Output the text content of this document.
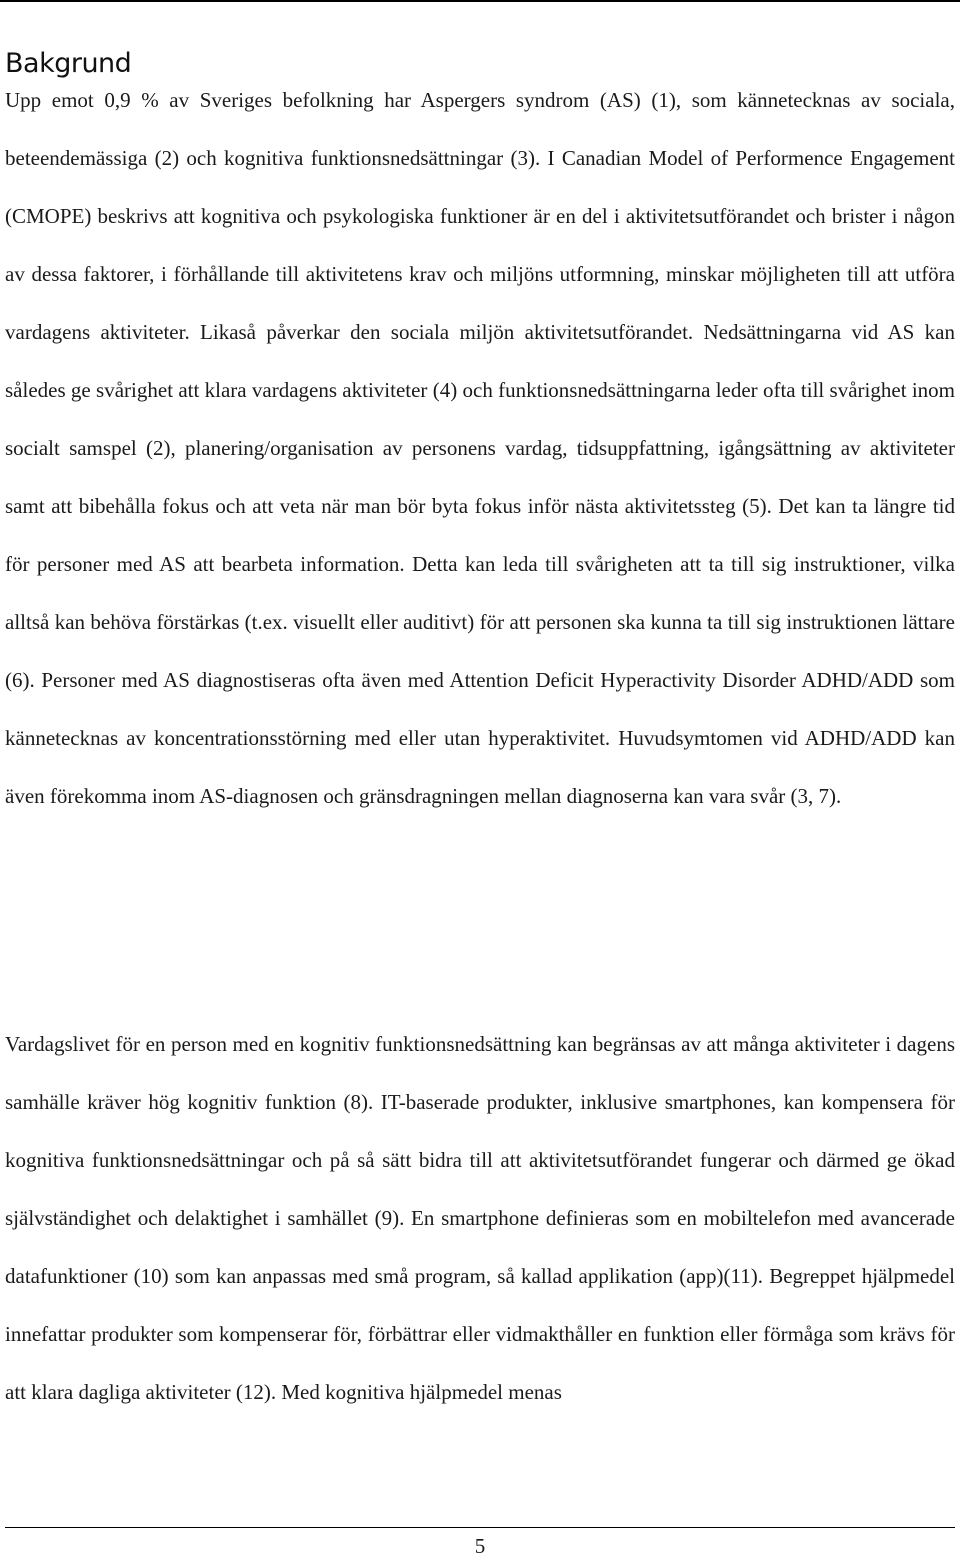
Bakgrund

Upp emot 0,9 % av Sveriges befolkning har Aspergers syndrom (AS) (1), som kännetecknas av sociala, beteendemässiga (2) och kognitiva funktionsnedsättningar (3). I Canadian Model of Performence Engagement (CMOPE) beskrivs att kognitiva och psykologiska funktioner är en del i aktivitetsutförandet och brister i någon av dessa faktorer, i förhållande till aktivitetens krav och miljöns utformning, minskar möjligheten till att utföra vardagens aktiviteter. Likaså påverkar den sociala miljön aktivitetsutförandet. Nedsättningarna vid AS kan således ge svårighet att klara vardagens aktiviteter (4) och funktionsnedsättningarna leder ofta till svårighet inom socialt samspel (2), planering/organisation av personens vardag, tidsuppfattning, igångsättning av aktiviteter samt att bibehålla fokus och att veta när man bör byta fokus inför nästa aktivitetssteg (5). Det kan ta längre tid för personer med AS att bearbeta information. Detta kan leda till svårigheten att ta till sig instruktioner, vilka alltså kan behöva förstärkas (t.ex. visuellt eller auditivt) för att personen ska kunna ta till sig instruktionen lättare (6). Personer med AS diagnostiseras ofta även med Attention Deficit Hyperactivity Disorder ADHD/ADD som kännetecknas av koncentrationsstörning med eller utan hyperaktivitet. Huvudsymtomen vid ADHD/ADD kan även förekomma inom AS-diagnosen och gränsdragningen mellan diagnoserna kan vara svår (3, 7).

Vardagslivet för en person med en kognitiv funktionsnedsättning kan begränsas av att många aktiviteter i dagens samhälle kräver hög kognitiv funktion (8). IT-baserade produkter, inklusive smartphones, kan kompensera för kognitiva funktionsnedsättningar och på så sätt bidra till att aktivitetsutförandet fungerar och därmed ge ökad självständighet och delaktighet i samhället (9). En smartphone definieras som en mobiltelefon med avancerade datafunktioner (10) som kan anpassas med små program, så kallad applikation (app)(11). Begreppet hjälpmedel innefattar produkter som kompenserar för, förbättrar eller vidmakthåller en funktion eller förmåga som krävs för att klara dagliga aktiviteter (12). Med kognitiva hjälpmedel menas

5
